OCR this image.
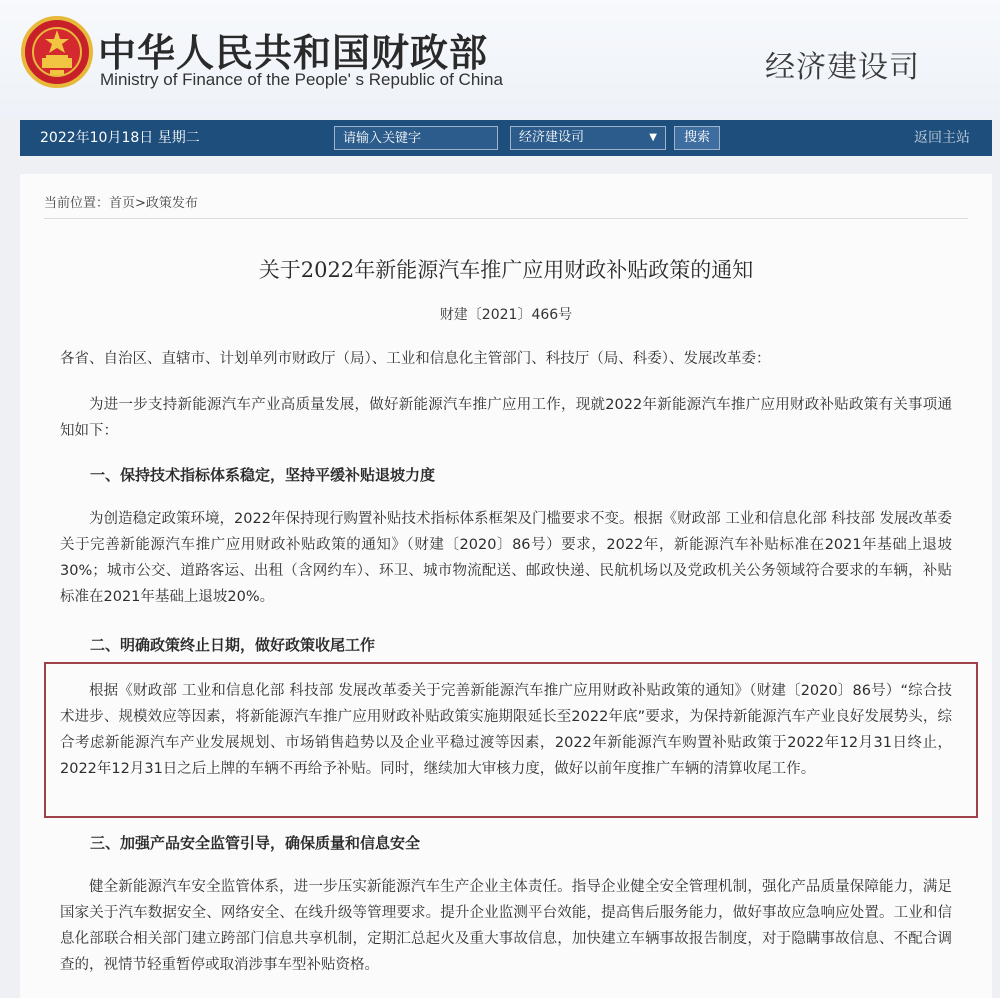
中华人民共和国财政部
Ministry of Finance of the People' s Republic of China	经济建设司
2022年10月18日 星期二
请输入关键字	经济建设司	▼	搜索	返回主站
当前位置：首页>政策发布
关于2022年新能源汽车推广应用财政补贴政策的通知
财建〔2021〕466号
各省、自治区、直辖市、计划单列市财政厅（局）、工业和信息化主管部门、科技厅（局、科委）、发展改革委：
为进一步支持新能源汽车产业高质量发展，做好新能源汽车推广应用工作，现就2022年新能源汽车推广应用财政补贴政策有关事项通知如下：
一、保持技术指标体系稳定，坚持平缓补贴退坡力度
为创造稳定政策环境，2022年保持现行购置补贴技术指标体系框架及门槛要求不变。根据《财政部 工业和信息化部 科技部 发展改革委关于完善新能源汽车推广应用财政补贴政策的通知》（财建〔2020〕86号）要求，2022年，新能源汽车补贴标准在2021年基础上退坡30%；城市公交、道路客运、出租（含网约车）、环卫、城市物流配送、邮政快递、民航机场以及党政机关公务领域符合要求的车辆，补贴标准在2021年基础上退坡20%。
二、明确政策终止日期，做好政策收尾工作
根据《财政部 工业和信息化部 科技部 发展改革委关于完善新能源汽车推广应用财政补贴政策的通知》（财建〔2020〕86号）“综合技术进步、规模效应等因素，将新能源汽车推广应用财政补贴政策实施期限延长至2022年底”要求，为保持新能源汽车产业良好发展势头，综合考虑新能源汽车产业发展规划、市场销售趋势以及企业平稳过渡等因素，2022年新能源汽车购置补贴政策于2022年12月31日终止，2022年12月31日之后上牌的车辆不再给予补贴。同时，继续加大审核力度，做好以前年度推广车辆的清算收尾工作。
三、加强产品安全监管引导，确保质量和信息安全
健全新能源汽车安全监管体系，进一步压实新能源汽车生产企业主体责任。指导企业健全安全管理机制，强化产品质量保障能力，满足国家关于汽车数据安全、网络安全、在线升级等管理要求。提升企业监测平台效能，提高售后服务能力，做好事故应急响应处置。工业和信息化部联合相关部门建立跨部门信息共享机制，定期汇总起火及重大事故信息，加快建立车辆事故报告制度，对于隐瞒事故信息、不配合调查的，视情节轻重暂停或取消涉事车型补贴资格。
